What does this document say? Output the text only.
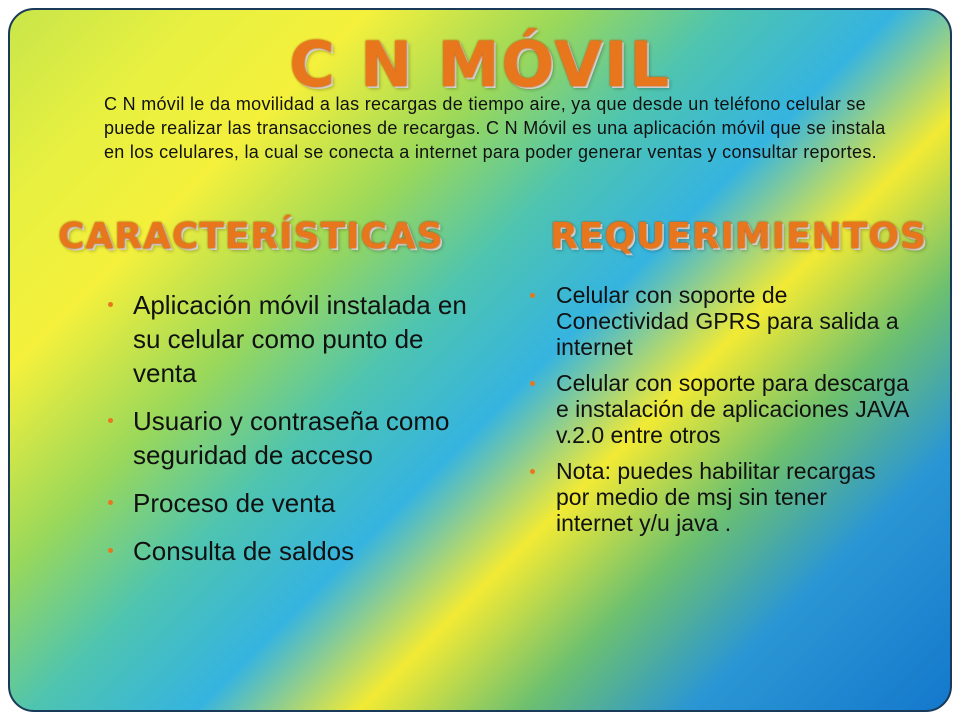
C N MÓVIL

C N móvil le da movilidad a las recargas de tiempo aire, ya que desde un teléfono celular se puede realizar las transacciones de recargas. C N Móvil es una aplicación móvil que se instala en los celulares, la cual se conecta a internet para poder generar ventas y consultar reportes.

CARACTERÍSTICAS	REQUERIMIENTOS
Aplicación móvil instalada en su celular como punto de venta
Usuario y contraseña como seguridad de acceso
Proceso de venta
Consulta de saldos
Celular con soporte de Conectividad GPRS para salida a internet
Celular con soporte para descarga e instalación de aplicaciones JAVA v.2.0 entre otros
Nota: puedes habilitar recargas por medio de msj sin tener internet y/u java .
